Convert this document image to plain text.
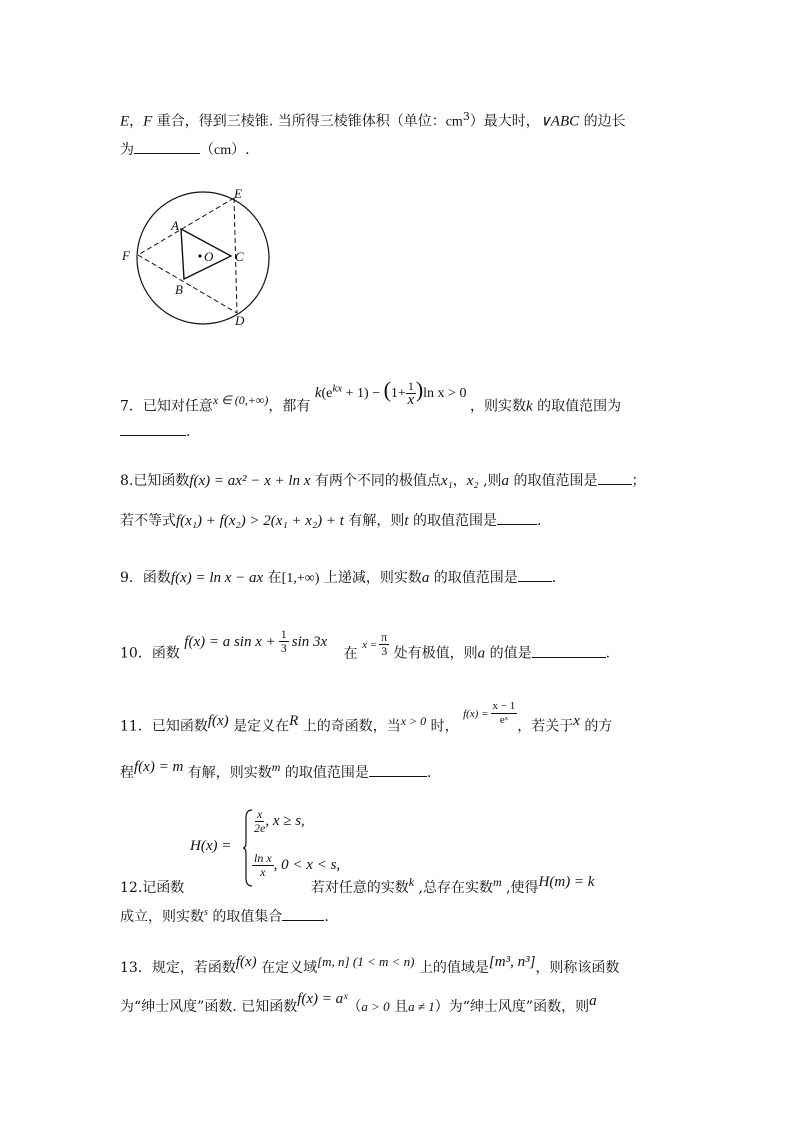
E，F 重合，得到三棱锥. 当所得三棱锥体积（单位：$cm^3$）最大时，∨ABC 的边长
为	（cm）.
A
B
C
D
E
F	O
7．已知对任意x ∈ (0,+∞)，都有 $k(e^{kx} + 1) - (1+ \frac{1}{x} )\ln$ x > 0 ，则实数k 的取值范围为
.
8.已知函数f(x) = ax² − x + ln x 有两个不同的极值点x₁，x₂ ,则a 的取值范围是 ；
若不等式f(x₁) + f(x₂) > 2(x₁ + x₂) + t 有解，则t 的取值范围是	.
9．函数f(x) = ln x − ax 在[1,+∞) 上递减，则实数a 的取值范围是 .
10．函数
f(x) = a $\sin x + \frac{1}{3}$ sin 3x
在
$x = \frac{\pi}{3}$ 处有极值，则a 的值是	.
11．已知函数f(x) 是定义在R 上的奇函数，当x > 0 时，
$f(x) = \frac{x - 1}{\text{eˣ}}$ ，若关于x 的方
程f(x) = m 有解，则实数m 的取值范围是	.
H(x) =
$\frac{x}{2e}$ , x ≥ s,
$\frac{\text{ln x}}{x}$ , 0 < x < s,
12.记函数	若对任意的实数k ,总存在实数m ,使得H(m) = k
成立，则实数$^s$ 的取值集合	.
13．规定，若函数f(x) 在定义域[m, n] (1 < m < n) 上的值域是[m³, n³]，则称该函数
为“绅士风度”函数. 已知函数f(x) = aˣ（a > 0 且a ≠ 1）为“绅士风度”函数，则a
